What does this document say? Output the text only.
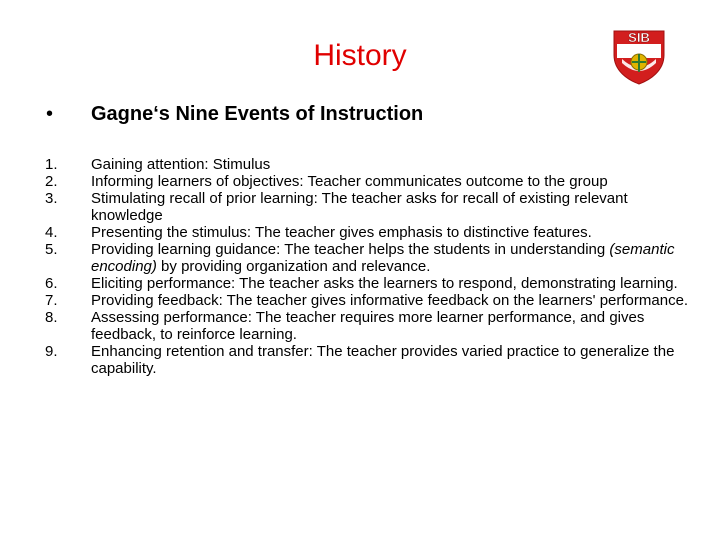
History
SIB
• Gagne‘s Nine Events of Instruction
1.	Gaining attention: Stimulus
2.	Informing learners of objectives: Teacher communicates outcome to the group
3.	Stimulating recall of prior learning: The teacher asks for recall of existing relevant knowledge
4.	Presenting the stimulus: The teacher gives emphasis to distinctive features.
5.	Providing learning guidance: The teacher helps the students in understanding (semantic encoding) by providing organization and relevance.
6.	Eliciting performance: The teacher asks the learners to respond, demonstrating learning.
7.	Providing feedback: The teacher gives informative feedback on the learners' performance.
8.	Assessing performance: The teacher requires more learner performance, and gives feedback, to reinforce learning.
9.	Enhancing retention and transfer: The teacher provides varied practice to generalize the capability.
